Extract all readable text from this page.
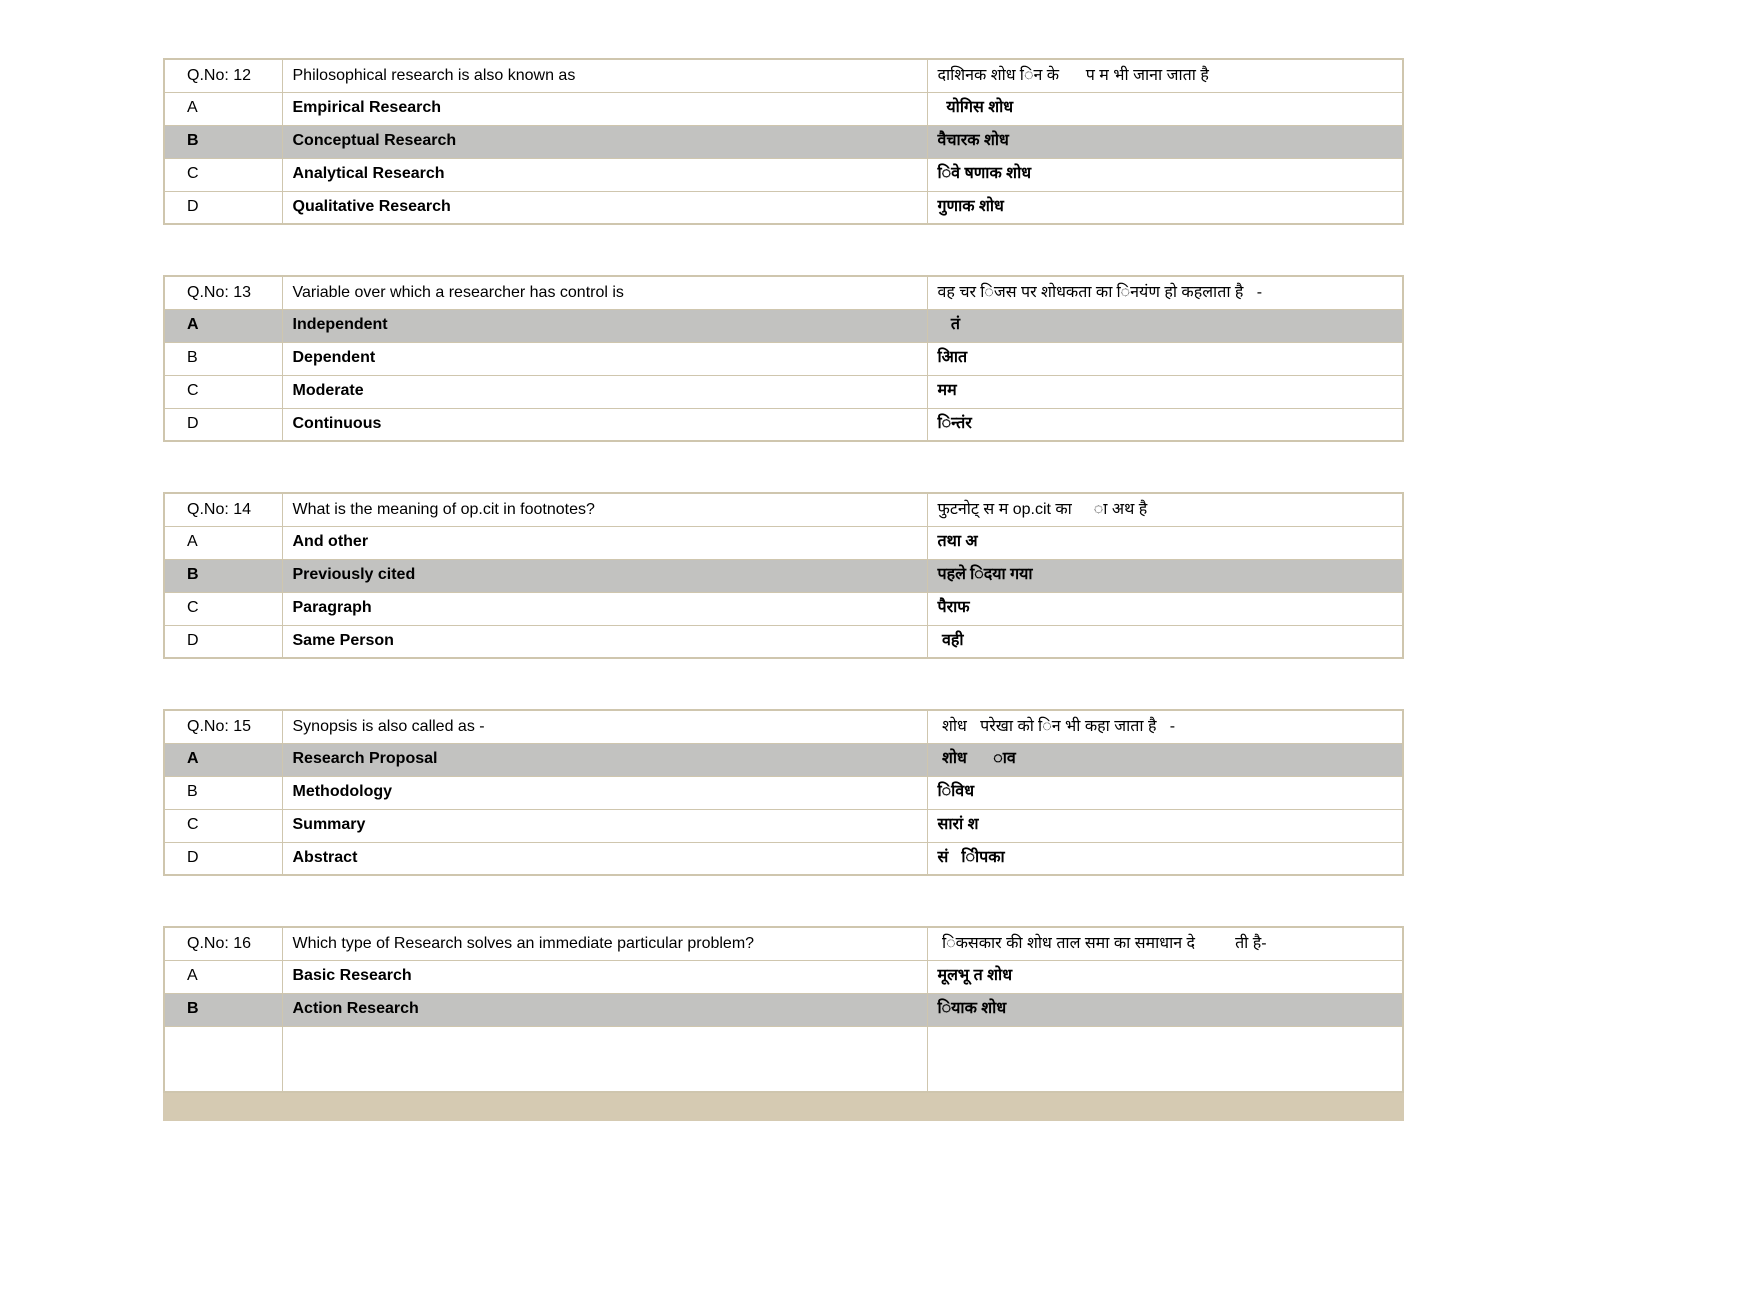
Q.No: 12	Philosophical research is also known as	दाशिनक शोध िन के      प म भी जाना जाता है
A	Empirical Research	योगिस शोध
B	Conceptual Research	वैचारक शोध
C	Analytical Research	िवे षणाक शोध
D	Qualitative Research	गुणाक शोध
Q.No: 13	Variable over which a researcher has control is	वह चर िजस पर शोधकता का िनयंण हो कहलाता है   -
A	Independent	तं
B	Dependent	आित
C	Moderate	मम
D	Continuous	िन्तंर
Q.No: 14	What is the meaning of op.cit in footnotes?	फुटनोट् स म op.cit का     ा अथ है
A	And other	तथा अ
B	Previously cited	पहले िदया गया
C	Paragraph	पैराफ
D	Same Person	वही
Q.No: 15	Synopsis is also called as -	शोध   परेखा को िन भी कहा जाता है   -
A	Research Proposal	शोध      ाव
B	Methodology	िविध
C	Summary	सारां श
D	Abstract	सं   िीपका
Q.No: 16	Which type of Research solves an immediate particular problem?	िकसकार की शोध ताल समा का समाधान दे         ती है-
A	Basic Research	मूलभू त शोध
B	Action Research	ियाक शोध
